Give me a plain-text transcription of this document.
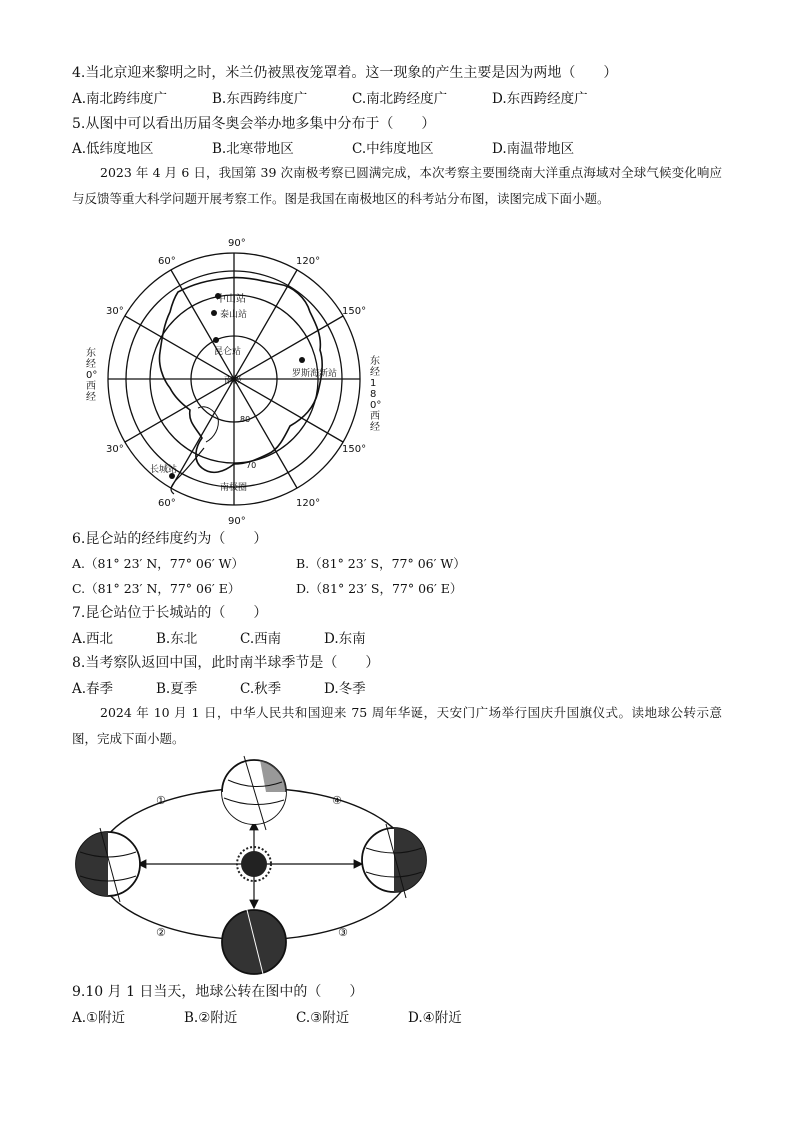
4.当北京迎来黎明之时，米兰仍被黑夜笼罩着。这一现象的产生主要是因为两地（　　）
A.南北跨纬度广	B.东西跨纬度广	C.南北跨经度广	D.东西跨经度广
5.从图中可以看出历届冬奥会举办地多集中分布于（　　）
A.低纬度地区	B.北寒带地区	C.中纬度地区	D.南温带地区
2023 年 4 月 6 日，我国第 39 次南极考察已圆满完成，本次考察主要围绕南大洋重点海域对全球气候变化响应与反馈等重大科学问题开展考察工作。图是我国在南极地区的科考站分布图，读图完成下面小题。
90°
90°
60°	120°
150°
30°
30°
60°	120°
150°
南极
80
70
中山站
泰山站
昆仑站
罗斯海新站
长城站
南极圈
东经0°西经
东经180°西经
6.昆仑站的经纬度约为（　　）
A.（81° 23′ N，77° 06′ W）	B.（81° 23′ S，77° 06′ W）
C.（81° 23′ N，77° 06′ E）	D.（81° 23′ S，77° 06′ E）
7.昆仑站位于长城站的（　　）
A.西北	B.东北	C.西南	D.东南
8.当考察队返回中国，此时南半球季节是（　　）
A.春季	B.夏季	C.秋季	D.冬季
2024 年 10 月 1 日，中华人民共和国迎来 75 周年华诞，天安门广场举行国庆升国旗仪式。读地球公转示意图，完成下面小题。
①
②	③
④
9.10 月 1 日当天，地球公转在图中的（　　）
A.①附近	B.②附近	C.③附近	D.④附近
